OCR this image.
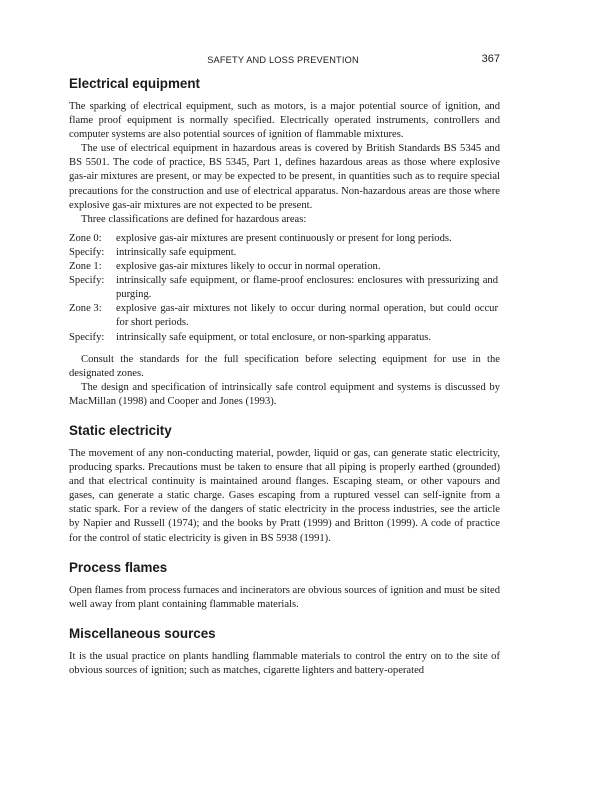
SAFETY AND LOSS PREVENTION	367
Electrical equipment

The sparking of electrical equipment, such as motors, is a major potential source of ignition, and flame proof equipment is normally specified. Electrically operated instruments, controllers and computer systems are also potential sources of ignition of flammable mixtures.

The use of electrical equipment in hazardous areas is covered by British Standards BS 5345 and BS 5501. The code of practice, BS 5345, Part 1, defines hazardous areas as those where explosive gas-air mixtures are present, or may be expected to be present, in quantities such as to require special precautions for the construction and use of electrical apparatus. Non-hazardous areas are those where explosive gas-air mixtures are not expected to be present.

Three classifications are defined for hazardous areas:

Zone 0:	explosive gas-air mixtures are present continuously or present for long periods.
Specify:	intrinsically safe equipment.
Zone 1:	explosive gas-air mixtures likely to occur in normal operation.
Specify:	intrinsically safe equipment, or flame-proof enclosures: enclosures with pressurizing and purging.
Zone 3:	explosive gas-air mixtures not likely to occur during normal operation, but could occur for short periods.
Specify:	intrinsically safe equipment, or total enclosure, or non-sparking apparatus.

Consult the standards for the full specification before selecting equipment for use in the designated zones.

The design and specification of intrinsically safe control equipment and systems is discussed by MacMillan (1998) and Cooper and Jones (1993).

Static electricity

The movement of any non-conducting material, powder, liquid or gas, can generate static electricity, producing sparks. Precautions must be taken to ensure that all piping is properly earthed (grounded) and that electrical continuity is maintained around flanges. Escaping steam, or other vapours and gases, can generate a static charge. Gases escaping from a ruptured vessel can self-ignite from a static spark. For a review of the dangers of static electricity in the process industries, see the article by Napier and Russell (1974); and the books by Pratt (1999) and Britton (1999). A code of practice for the control of static electricity is given in BS 5938 (1991).

Process flames

Open flames from process furnaces and incinerators are obvious sources of ignition and must be sited well away from plant containing flammable materials.

Miscellaneous sources

It is the usual practice on plants handling flammable materials to control the entry on to the site of obvious sources of ignition; such as matches, cigarette lighters and battery-operated
